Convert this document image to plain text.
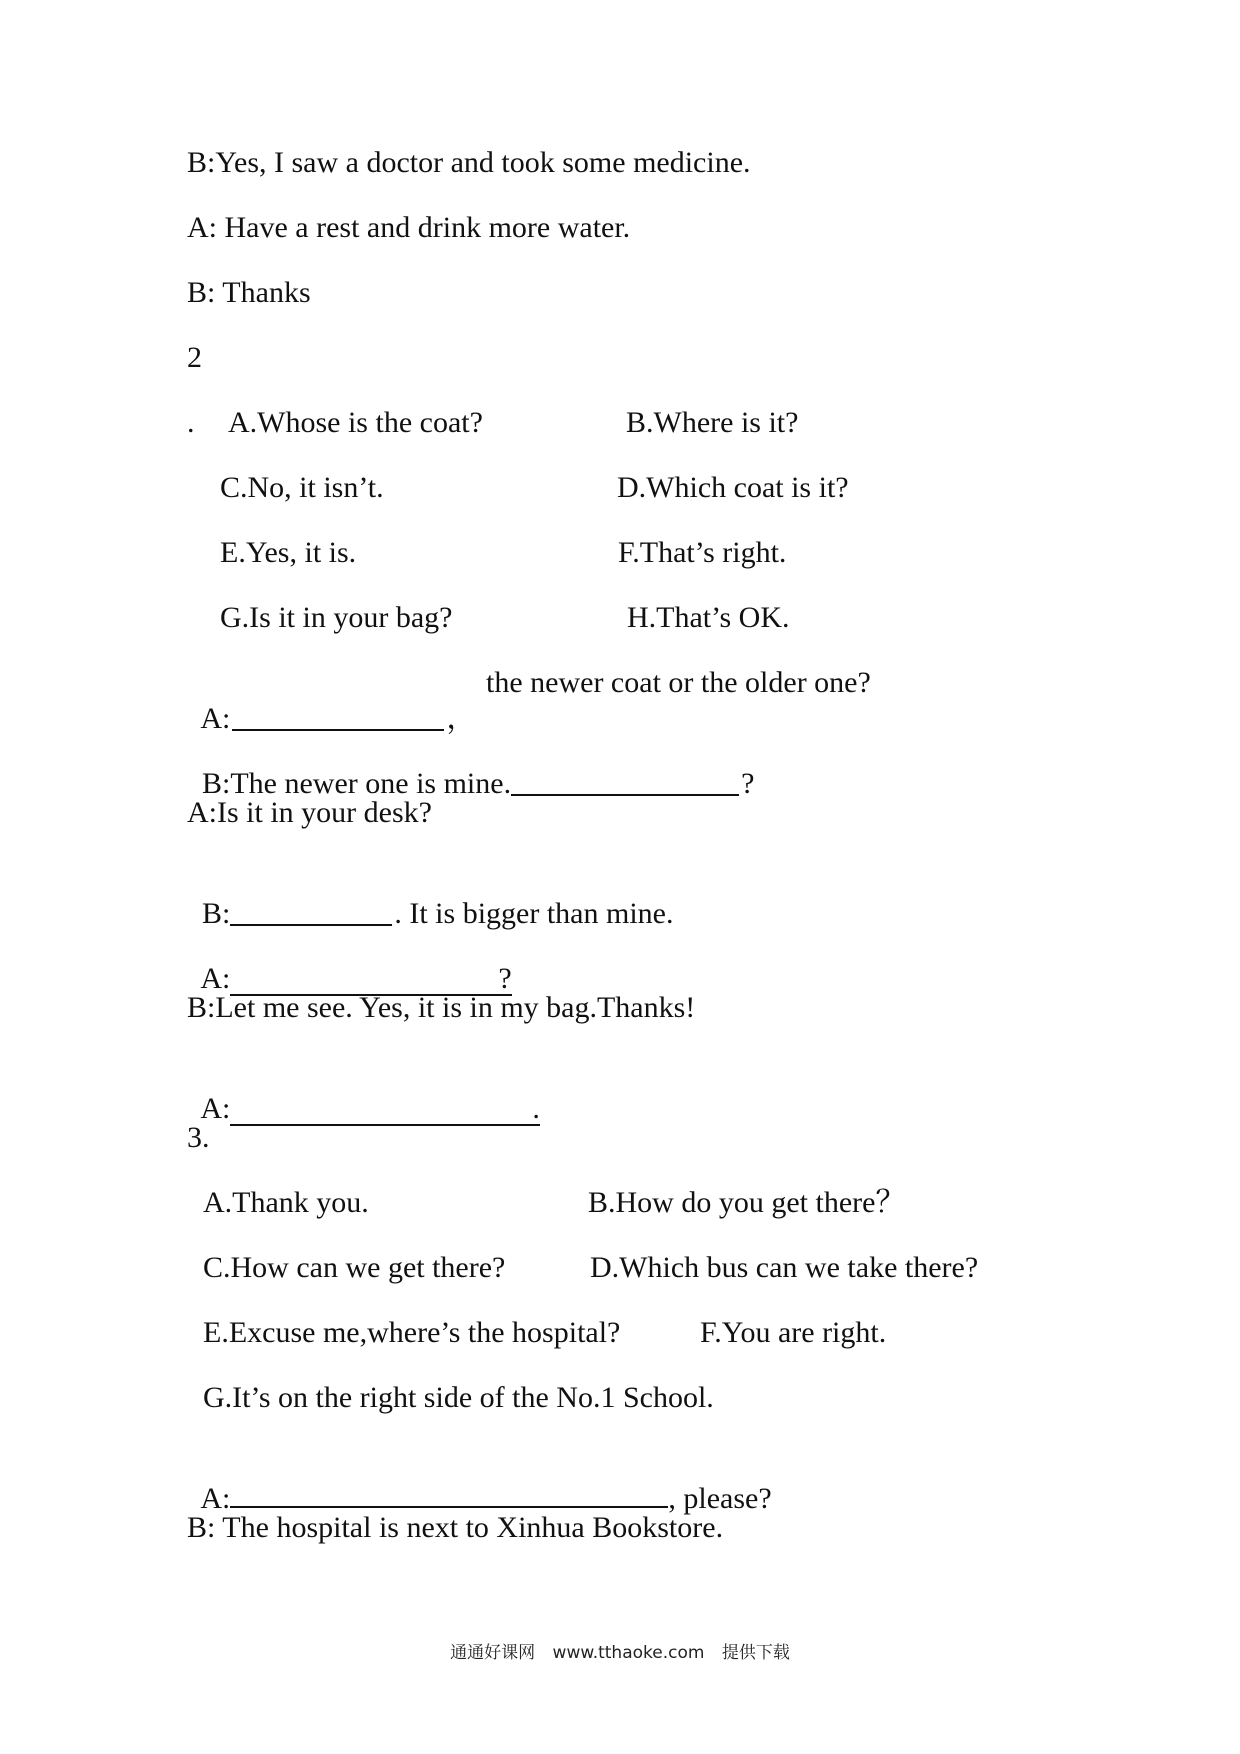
B:Yes, I saw a doctor and took some medicine.
A: Have a rest and drink more water.
B: Thanks
2
. A.Whose is the coat?	B.Where is it?
C.No, it isn’t.	D.Which coat is it?
E.Yes, it is.	F.That’s right.
G.Is it in your bag?	H.That’s OK.

A:	，

the newer coat or the older one?

B:The newer one is mine.	?

A:Is it in your desk?

B:	. It is bigger than mine.

A:	?

B:Let me see. Yes, it is in my bag.Thanks!

A:	.

3.
A.Thank you.	B.How do you get there？
C.How can we get there?	D.Which bus can we take there?
E.Excuse me,where’s the hospital?	F.You are right.
G.It’s on the right side of the No.1 School.

A:	, please?

B: The hospital is next to Xinhua Bookstore.
通通好课网 www.tthaoke.com 提供下载
